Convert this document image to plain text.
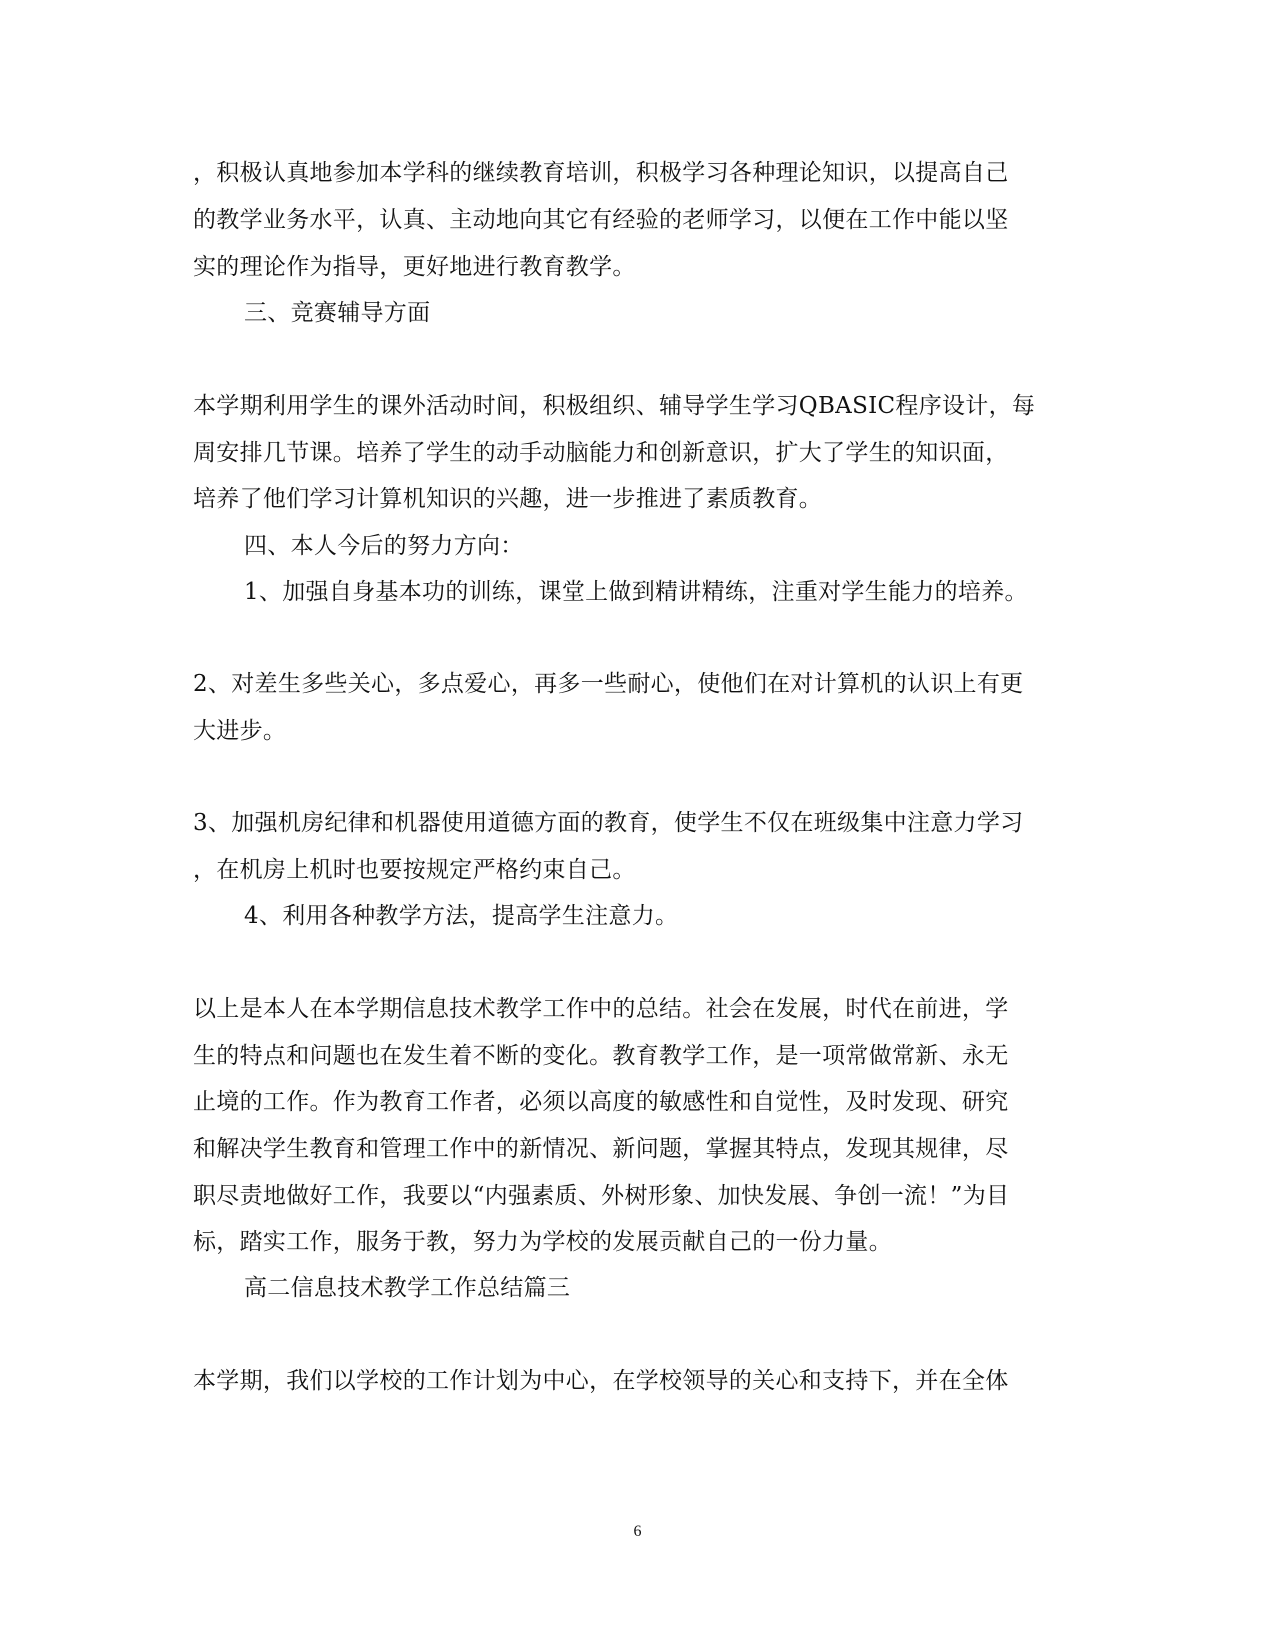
，积极认真地参加本学科的继续教育培训，积极学习各种理论知识，以提高自己
的教学业务水平，认真、主动地向其它有经验的老师学习，以便在工作中能以坚
实的理论作为指导，更好地进行教育教学。
三、竞赛辅导方面
本学期利用学生的课外活动时间，积极组织、辅导学生学习QBASIC程序设计，每
周安排几节课。培养了学生的动手动脑能力和创新意识，扩大了学生的知识面，
培养了他们学习计算机知识的兴趣，进一步推进了素质教育。
四、本人今后的努力方向：
1、加强自身基本功的训练，课堂上做到精讲精练，注重对学生能力的培养。
2、对差生多些关心，多点爱心，再多一些耐心，使他们在对计算机的认识上有更
大进步。
3、加强机房纪律和机器使用道德方面的教育，使学生不仅在班级集中注意力学习
，在机房上机时也要按规定严格约束自己。
4、利用各种教学方法，提高学生注意力。
以上是本人在本学期信息技术教学工作中的总结。社会在发展，时代在前进，学
生的特点和问题也在发生着不断的变化。教育教学工作，是一项常做常新、永无
止境的工作。作为教育工作者，必须以高度的敏感性和自觉性，及时发现、研究
和解决学生教育和管理工作中的新情况、新问题，掌握其特点，发现其规律，尽
职尽责地做好工作，我要以“内强素质、外树形象、加快发展、争创一流！”为目
标，踏实工作，服务于教，努力为学校的发展贡献自己的一份力量。
高二信息技术教学工作总结篇三
本学期，我们以学校的工作计划为中心，在学校领导的关心和支持下，并在全体
6
